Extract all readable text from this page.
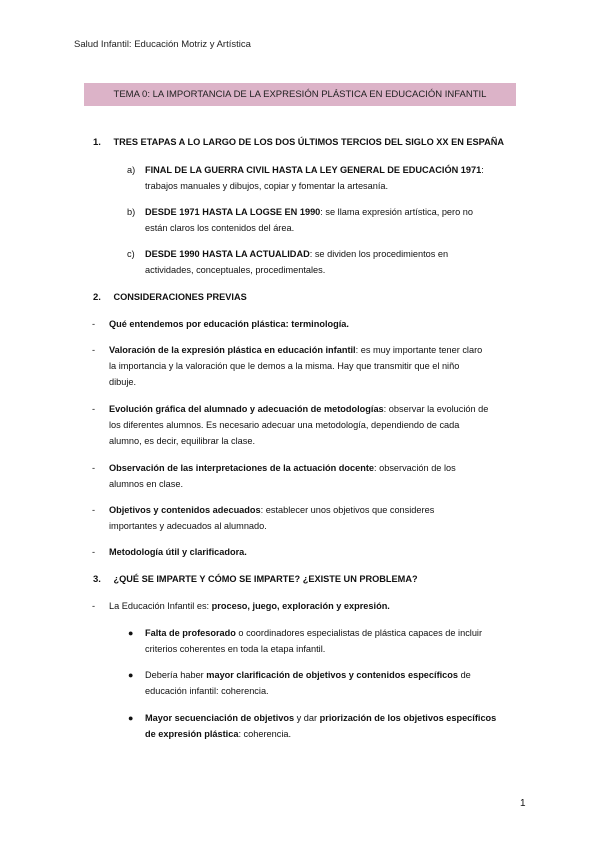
Salud Infantil: Educación Motriz y Artística
TEMA 0: LA IMPORTANCIA DE LA EXPRESIÓN PLÁSTICA EN EDUCACIÓN INFANTIL
1. TRES ETAPAS A LO LARGO DE LOS DOS ÚLTIMOS TERCIOS DEL SIGLO XX EN ESPAÑA
a) FINAL DE LA GUERRA CIVIL HASTA LA LEY GENERAL DE EDUCACIÓN 1971:
trabajos manuales y dibujos, copiar y fomentar la artesanía.
b) DESDE 1971 HASTA LA LOGSE EN 1990: se llama expresión artística, pero no
están claros los contenidos del área.
c) DESDE 1990 HASTA LA ACTUALIDAD: se dividen los procedimientos en
actividades, conceptuales, procedimentales.
2. CONSIDERACIONES PREVIAS
- Qué entendemos por educación plástica: terminología.
- Valoración de la expresión plástica en educación infantil: es muy importante tener claro
la importancia y la valoración que le demos a la misma. Hay que transmitir que el niño
dibuje.
- Evolución gráfica del alumnado y adecuación de metodologías: observar la evolución de
los diferentes alumnos. Es necesario adecuar una metodología, dependiendo de cada
alumno, es decir, equilibrar la clase.
- Observación de las interpretaciones de la actuación docente: observación de los
alumnos en clase.
- Objetivos y contenidos adecuados: establecer unos objetivos que consideres
importantes y adecuados al alumnado.
- Metodología útil y clarificadora.
3. ¿QUÉ SE IMPARTE Y CÓMO SE IMPARTE? ¿EXISTE UN PROBLEMA?
- La Educación Infantil es: proceso, juego, exploración y expresión.
● Falta de profesorado o coordinadores especialistas de plástica capaces de incluir
criterios coherentes en toda la etapa infantil.
● Debería haber mayor clarificación de objetivos y contenidos específicos de
educación infantil: coherencia.
● Mayor secuenciación de objetivos y dar priorización de los objetivos específicos
de expresión plástica: coherencia.
1
